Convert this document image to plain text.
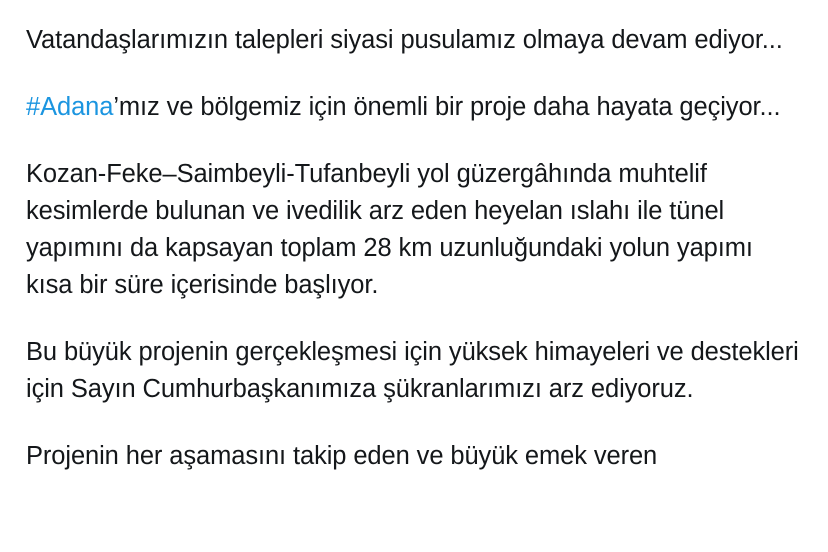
Vatandaşlarımızın talepleri siyasi pusulamız olmaya devam ediyor...

#Adana’mız ve bölgemiz için önemli bir proje daha hayata geçiyor...

Kozan-Feke–Saimbeyli-Tufanbeyli yol güzergâhında muhtelif kesimlerde bulunan ve ivedilik arz eden heyelan ıslahı ile tünel yapımını da kapsayan toplam 28 km uzunluğundaki yolun yapımı kısa bir süre içerisinde başlıyor.

Bu büyük projenin gerçekleşmesi için yüksek himayeleri ve destekleri için Sayın Cumhurbaşkanımıza şükranlarımızı arz ediyoruz.

Projenin her aşamasını takip eden ve büyük emek veren
